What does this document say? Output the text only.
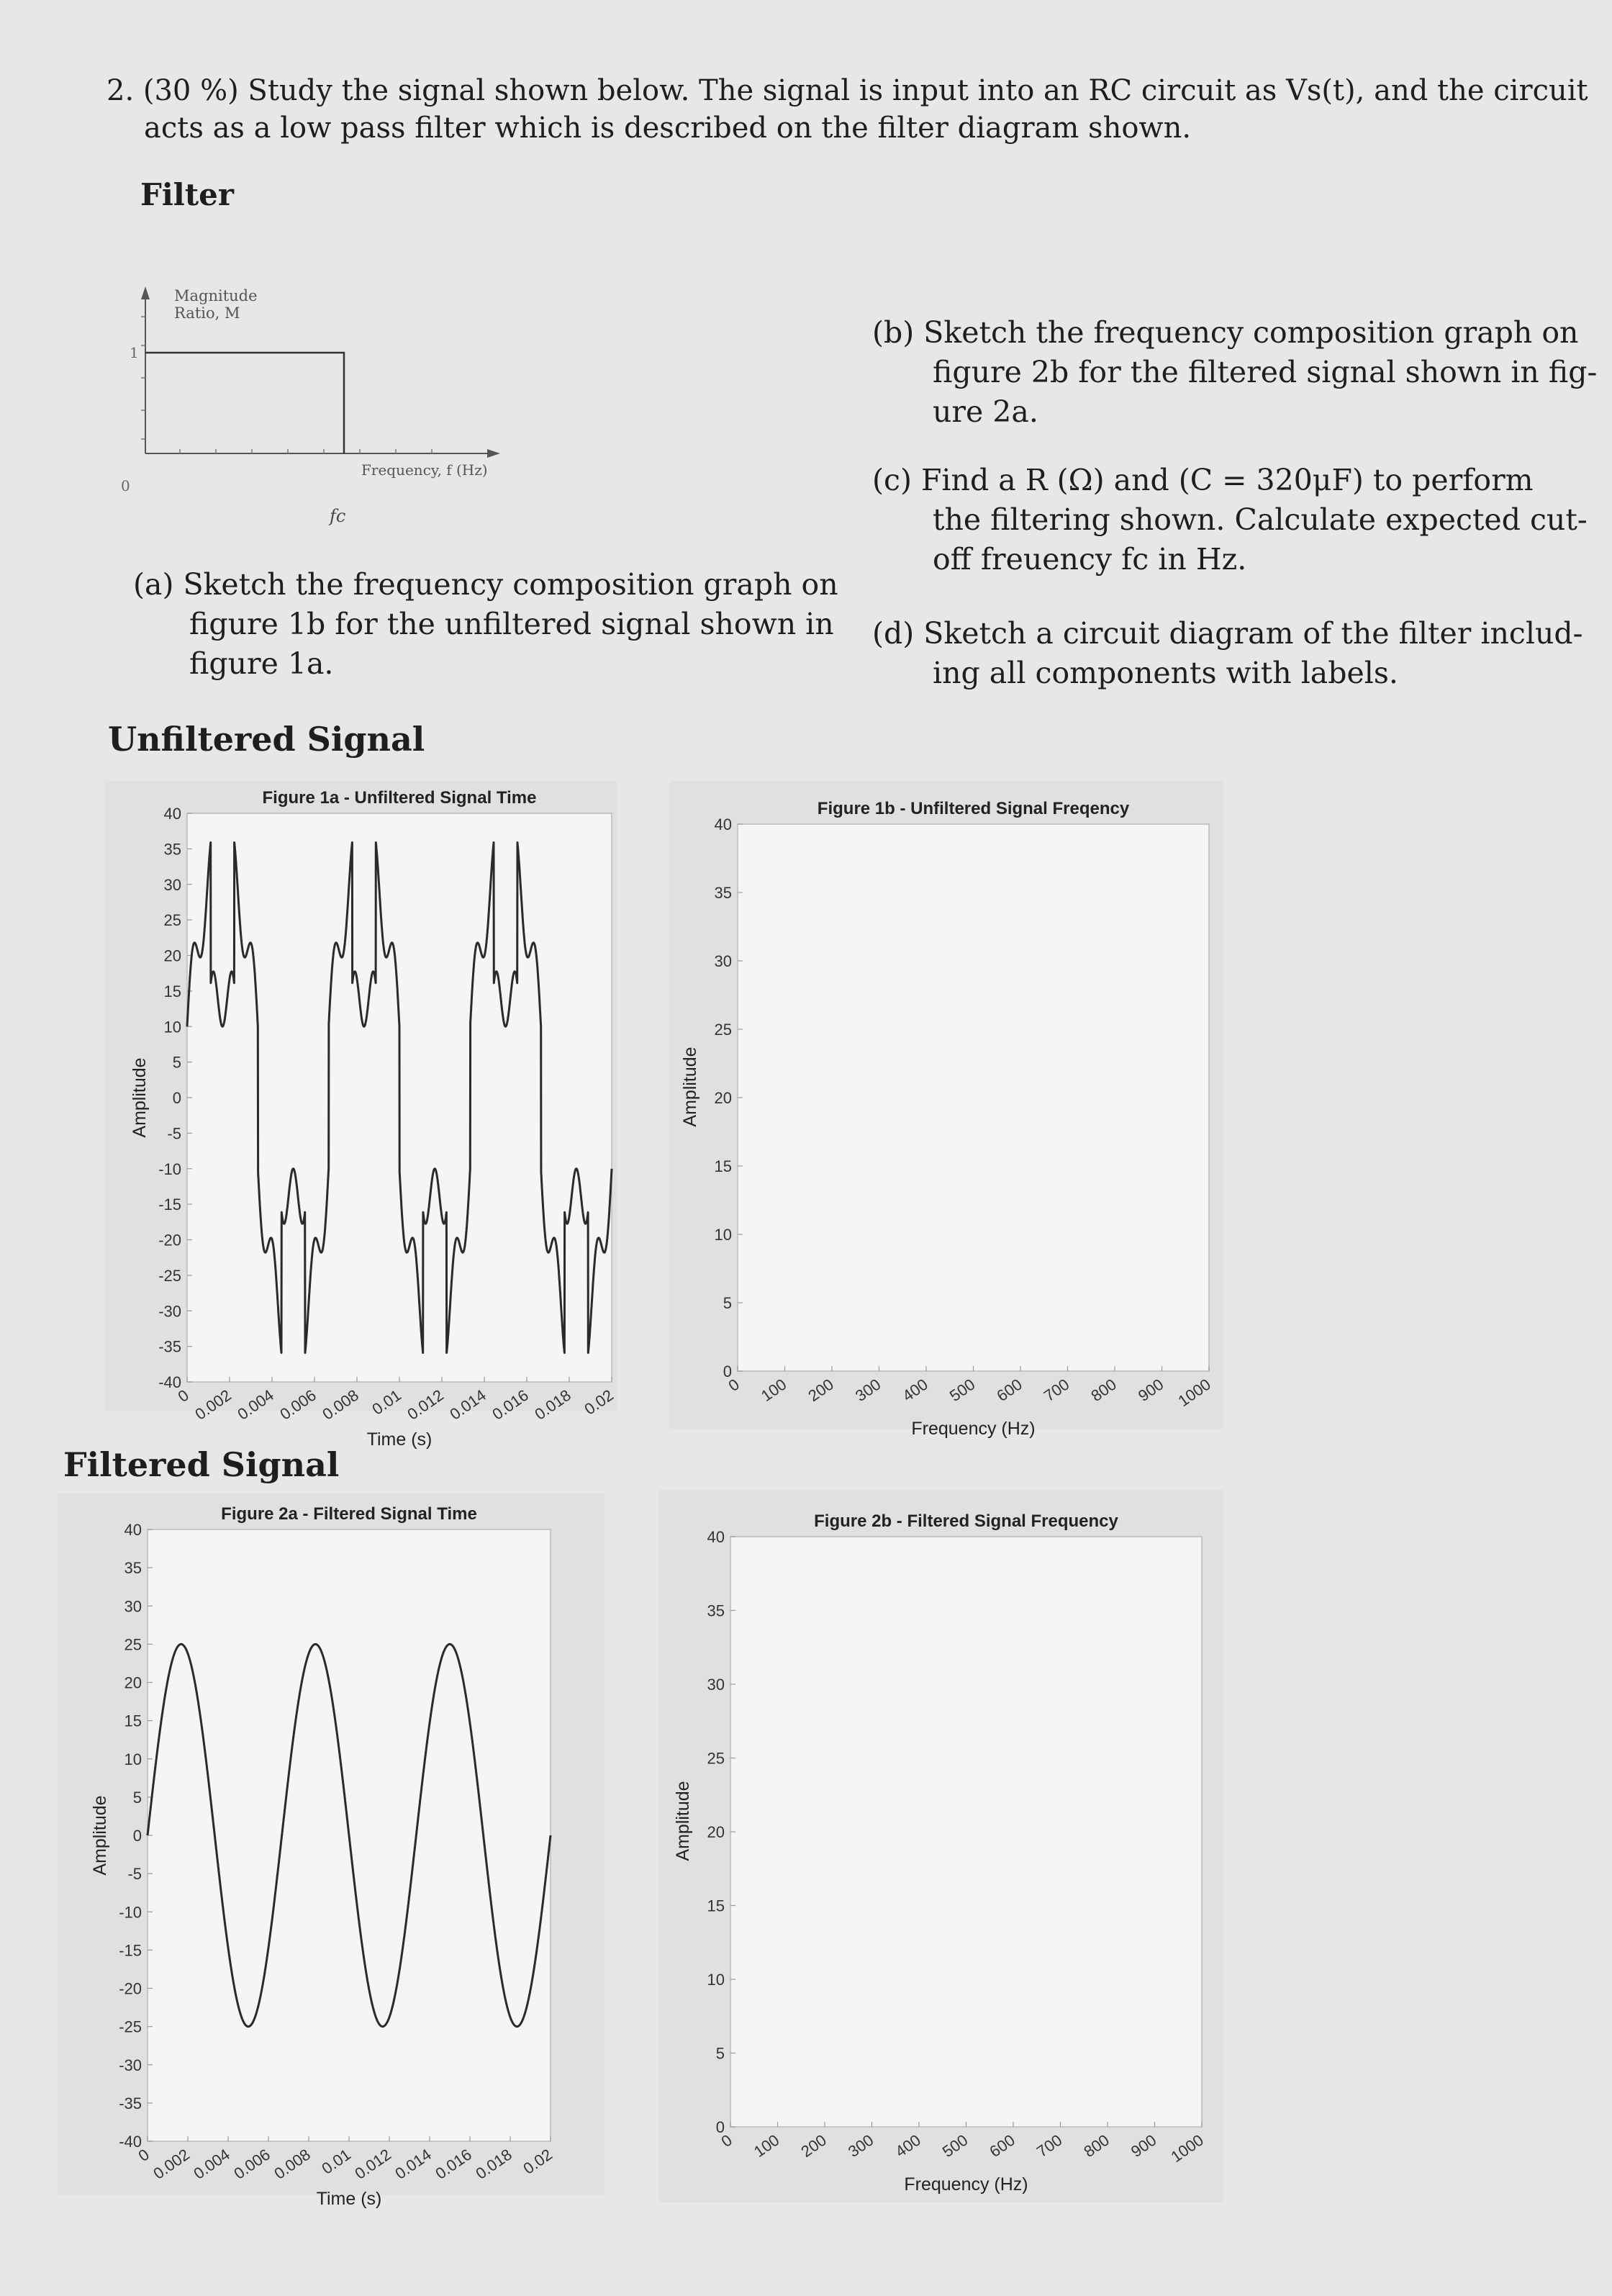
2. (30 %) Study the signal shown below. The signal is input into an RC circuit as Vs(t), and the circuit
acts as a low pass filter which is described on the filter diagram shown.
Filter
Magnitude
Ratio, M
1
0
Frequency, f (Hz)
fc
(a) Sketch the frequency composition graph on
figure 1b for the unfiltered signal shown in
figure 1a.
(b) Sketch the frequency composition graph on
figure 2b for the filtered signal shown in fig-
ure 2a.
(c) Find a R (Ω) and (C = 320μF) to perform
the filtering shown. Calculate expected cut-
off freuency fc in Hz.
(d) Sketch a circuit diagram of the filter includ-
ing all components with labels.
Unfiltered Signal
Filtered Signal
Figure 1a - Unfiltered Signal Time
40
35
30
25
20
15
10
5
0
-5
-10
-15
-20
-25
-30
-35
-40
0 0.002 0.004 0.006 0.008 0.01 0.012 0.014 0.016 0.018 0.02
Time (s)
Amplitude
Figure 1b - Unfiltered Signal Freqency
40
35
30
25
20
15
10
5
0
0 100 200 300 400 500 600 700 800 900 1000
Frequency (Hz)
Amplitude
Figure 2a - Filtered Signal Time
40
35
30
25
20
15
10
5
0
-5
-10
-15
-20
-25
-30
-35
-40
0
0.002
0.004
0.006
0.008 0.01
0.012
0.014
0.016
0.018 0.02
Time (s)
Amplitude
Figure 2b - Filtered Signal Frequency
40
35
30
25
20
15
10
5
0
0 100 200 300 400 500 600 700 800 900 1000
Frequency (Hz)
Amplitude
